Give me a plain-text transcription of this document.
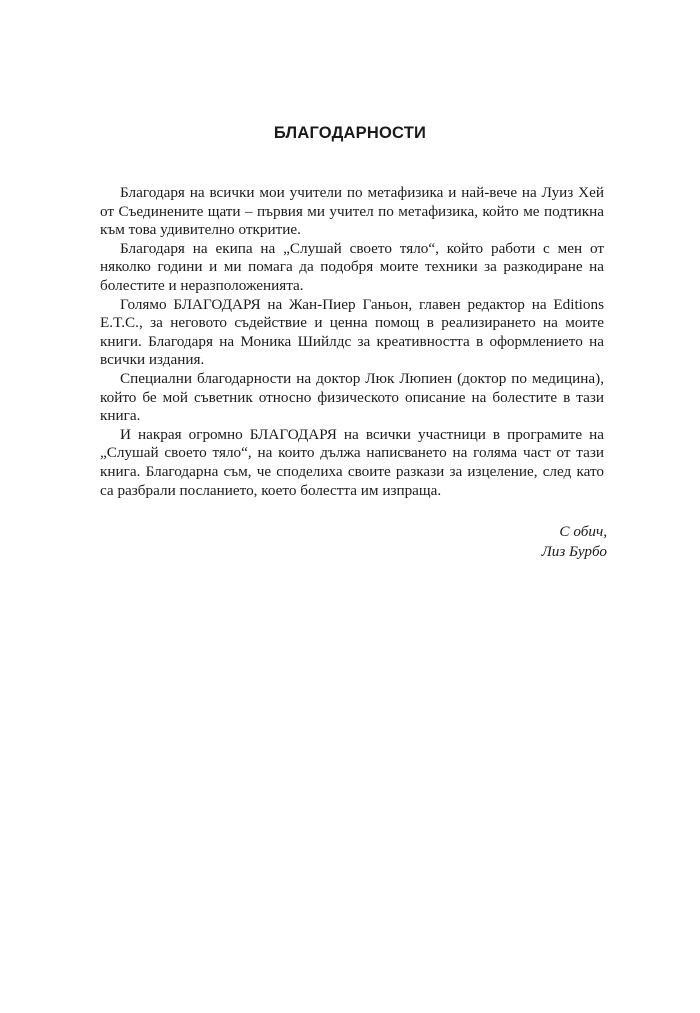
БЛАГОДАРНОСТИ

Благодаря на всички мои учители по метафизика и най-вече на Луиз Хей от Съединените щати – първия ми учител по метафизика, който ме подтикна към това удивително откритие.

Благодаря на екипа на „Слушай своето тяло“, който работи с мен от няколко години и ми помага да подобря моите техники за разкодиране на болестите и неразположенията.

Голямо БЛАГОДАРЯ на Жан-Пиер Ганьон, главен редактор на Editions E.T.C., за неговото съдействие и ценна помощ в реализирането на моите книги. Благодаря на Моника Шийлдс за креативността в оформлението на всички издания.

Специални благодарности на доктор Люк Люпиен (доктор по медицина), който бе мой съветник относно физическото описание на болестите в тази книга.

И накрая огромно БЛАГОДАРЯ на всички участници в програмите на „Слушай своето тяло“, на които дължа написването на голяма част от тази книга. Благодарна съм, че споделиха своите разкази за изцеление, след като са разбрали посланието, което болестта им изпраща.

С обич,
Лиз Бурбо
